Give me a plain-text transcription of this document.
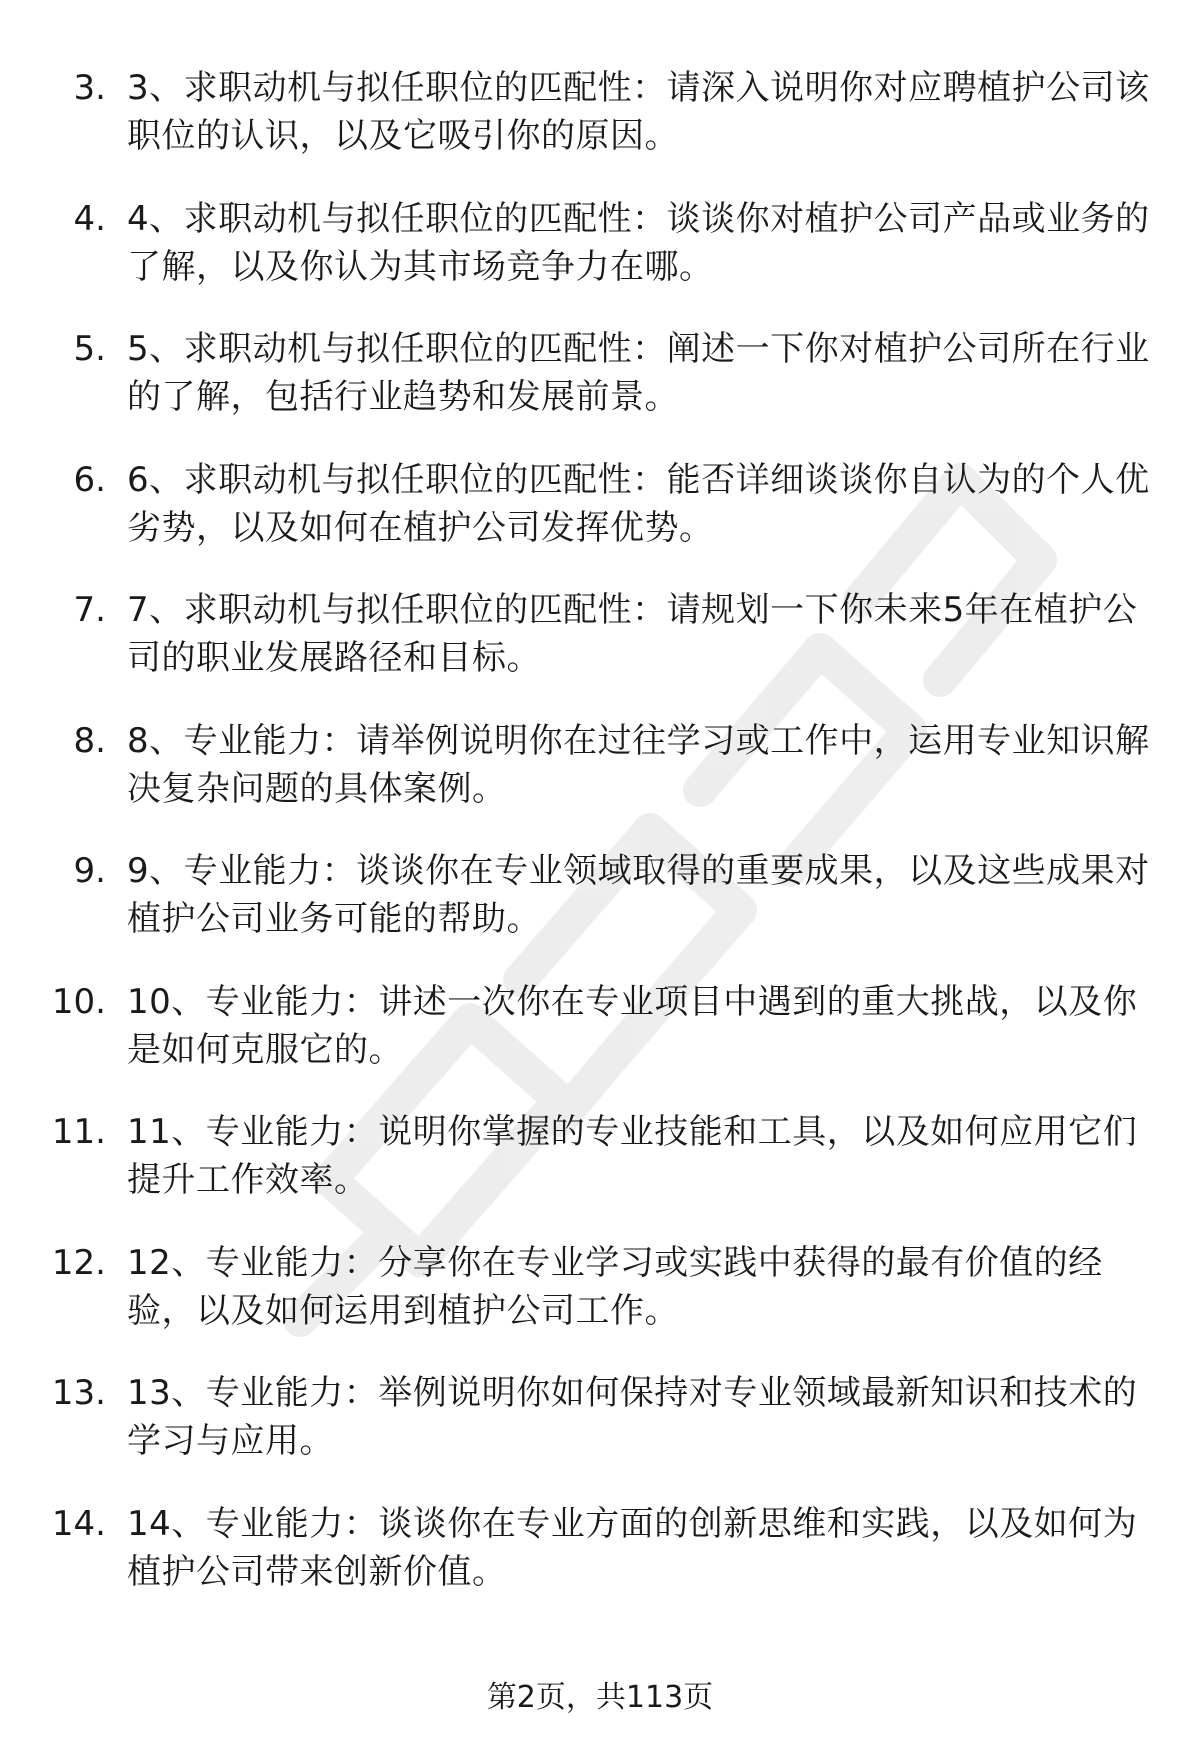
3. 3、求职动机与拟任职位的匹配性：请深入说明你对应聘植护公司该职位的认识，以及它吸引你的原因。
4. 4、求职动机与拟任职位的匹配性：谈谈你对植护公司产品或业务的了解，以及你认为其市场竞争力在哪。
5. 5、求职动机与拟任职位的匹配性：阐述一下你对植护公司所在行业的了解，包括行业趋势和发展前景。
6. 6、求职动机与拟任职位的匹配性：能否详细谈谈你自认为的个人优劣势，以及如何在植护公司发挥优势。
7. 7、求职动机与拟任职位的匹配性：请规划一下你未来5年在植护公司的职业发展路径和目标。
8. 8、专业能力：请举例说明你在过往学习或工作中，运用专业知识解决复杂问题的具体案例。
9. 9、专业能力：谈谈你在专业领域取得的重要成果，以及这些成果对植护公司业务可能的帮助。
10. 10、专业能力：讲述一次你在专业项目中遇到的重大挑战，以及你是如何克服它的。
11. 11、专业能力：说明你掌握的专业技能和工具，以及如何应用它们提升工作效率。
12. 12、专业能力：分享你在专业学习或实践中获得的最有价值的经验，以及如何运用到植护公司工作。
13. 13、专业能力：举例说明你如何保持对专业领域最新知识和技术的学习与应用。
14. 14、专业能力：谈谈你在专业方面的创新思维和实践，以及如何为植护公司带来创新价值。
第2页，共113页
